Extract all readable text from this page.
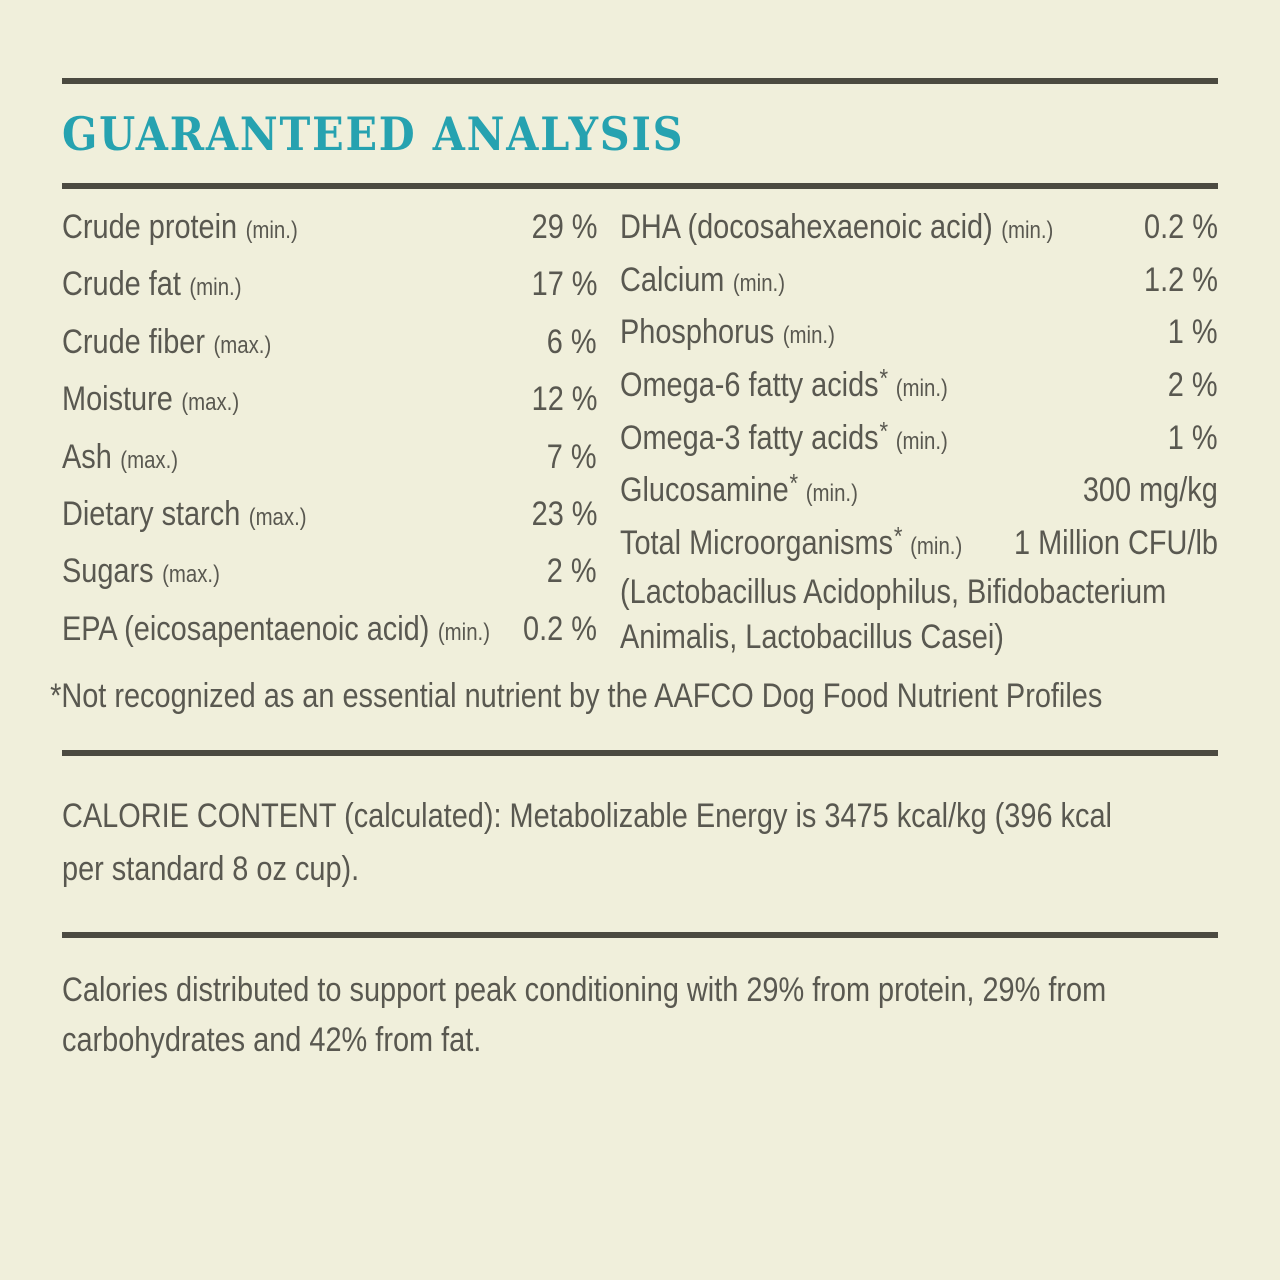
GUARANTEED ANALYSIS
Crude protein (min.)	29 %
Crude fat (min.)	17 %
Crude fiber (max.)	6 %
Moisture (max.)	12 %
Ash (max.)	7 %
Dietary starch (max.)	23 %
Sugars (max.)	2 %
EPA (eicosapentaenoic acid) (min.) 0.2 %
DHA (docosahexaenoic acid) (min.)	0.2 %
Calcium (min.)	1.2 %
Phosphorus (min.)	1 %
Omega-6 fatty acids* (min.)	2 %
Omega-3 fatty acids* (min.)	1 %
Glucosamine* (min.)	300 mg/kg
Total Microorganisms* (min.) 1 Million CFU/lb
(Lactobacillus Acidophilus, Bifidobacterium
Animalis, Lactobacillus Casei)
*Not recognized as an essential nutrient by the AAFCO Dog Food Nutrient Profiles
CALORIE CONTENT (calculated): Metabolizable Energy is 3475 kcal/kg (396 kcal
per standard 8 oz cup).
Calories distributed to support peak conditioning with 29% from protein, 29% from
carbohydrates and 42% from fat.
